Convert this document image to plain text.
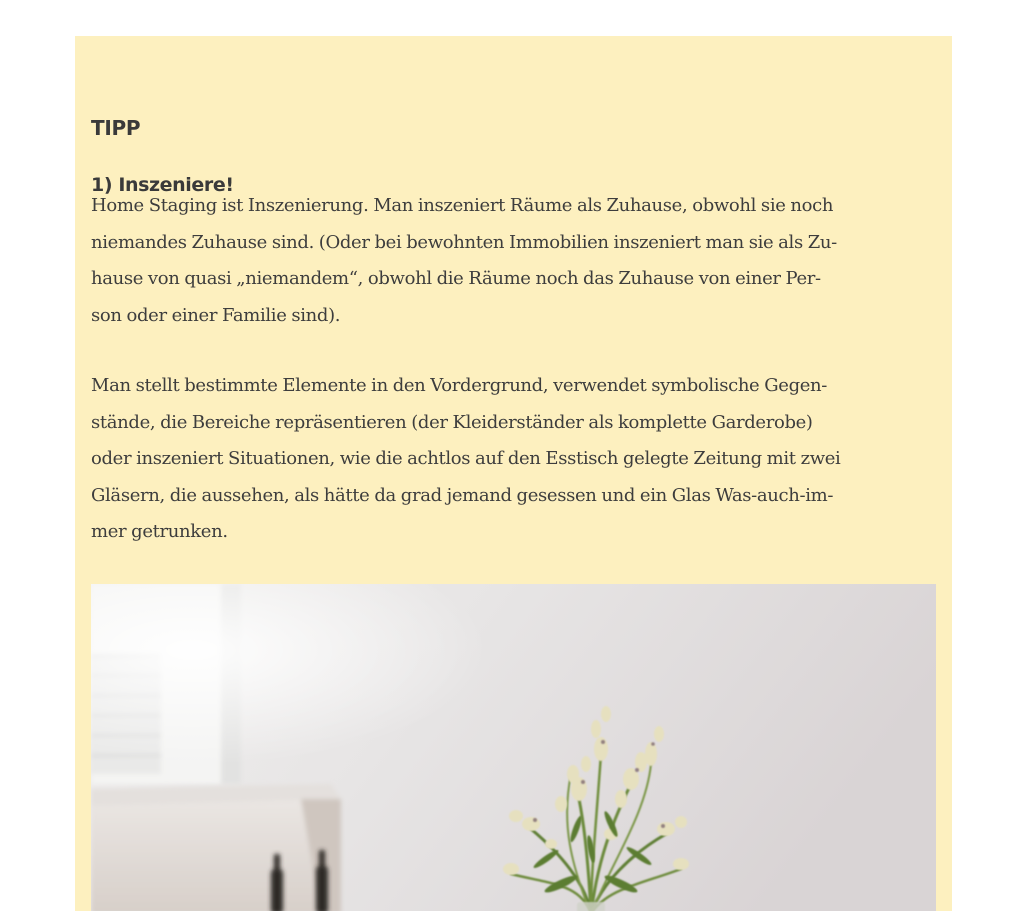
TIPP

1) Inszeniere!

Home Staging ist Inszenierung. Man inszeniert Räume als Zuhause, obwohl sie noch
niemandes Zuhause sind. (Oder bei bewohnten Immobilien inszeniert man sie als Zu-
hause von quasi „niemandem“, obwohl die Räume noch das Zuhause von einer Per-
son oder einer Familie sind).

Man stellt bestimmte Elemente in den Vordergrund, verwendet symbolische Gegen-
stände, die Bereiche repräsentieren (der Kleiderständer als komplette Garderobe)
oder inszeniert Situationen, wie die achtlos auf den Esstisch gelegte Zeitung mit zwei
Gläsern, die aussehen, als hätte da grad jemand gesessen und ein Glas Was-auch-im-
mer getrunken.
